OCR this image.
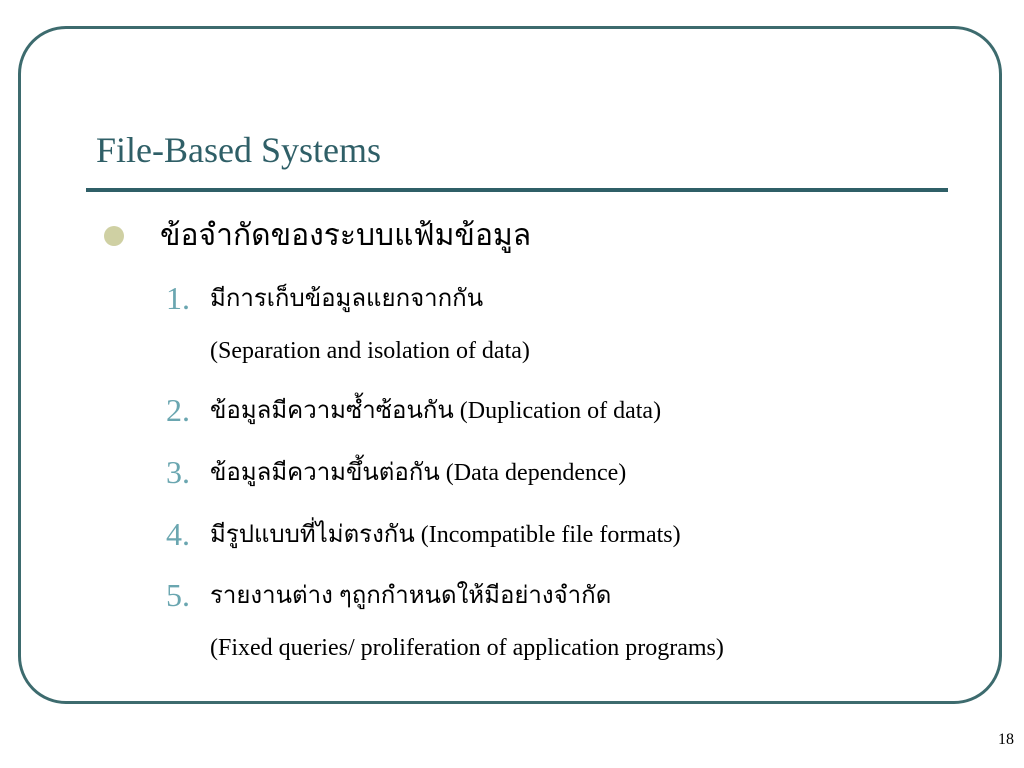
File-Based Systems
ข้อจำกัดของระบบแฟ้มข้อมูล
1. มีการเก็บข้อมูลแยกจากกัน
(Separation and isolation of data)
2. ข้อมูลมีความซ้ำซ้อนกัน (Duplication of data)
3. ข้อมูลมีความขึ้นต่อกัน (Data dependence)
4. มีรูปแบบที่ไม่ตรงกัน (Incompatible file formats)
5. รายงานต่าง ๆถูกกำหนดให้มีอย่างจำกัด
(Fixed queries/ proliferation of application programs)
18
